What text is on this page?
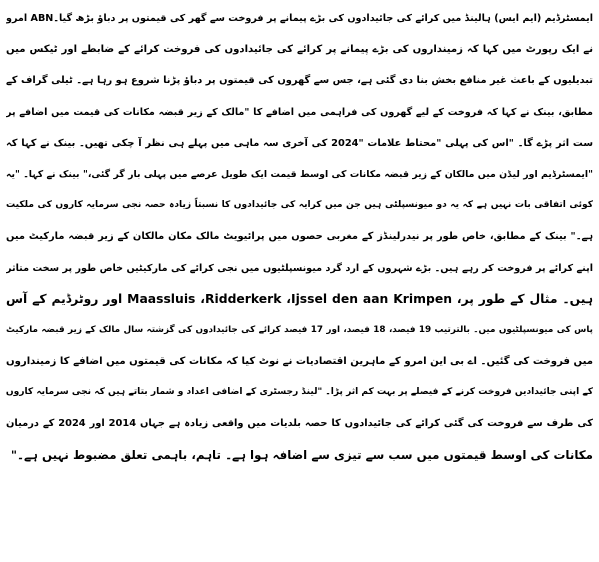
ایمسٹرڈیم (ایم ایس) ہالینڈ میں کرائے کی جائیدادوں کی بڑے پیمانے پر فروخت سے گھر کی قیمتوں پر دباؤ بڑھ گیا۔ABN امرو
نے ایک رپورٹ میں کہا کہ زمینداروں کی بڑے پیمانے پر کرائے کی جائیدادوں کی فروخت کرائے کے ضابطے اور ٹیکس میں
تبدیلیوں کے باعث غیر منافع بخش بنا دی گئی ہے، جس سے گھروں کی قیمتوں پر دباؤ پڑنا شروع ہو رہا ہے۔ ٹیلی گراف کے
مطابق، بینک نے کہا کہ فروخت کے لیے گھروں کی فراہمی میں اضافے کا "مالک کے زیر قبضہ مکانات کی قیمت میں اضافے پر
ست اثر پڑے گا۔ "اس کی پہلی "محتاط علامات "2024 کی آخری سہ ماہی میں پہلے ہی نظر آ چکی تھیں۔ بینک نے کہا کہ
"ایمسٹرڈیم اور لیڈن میں مالکان کے زیر قبضہ مکانات کی اوسط قیمت ایک طویل عرصے میں پہلی بار گر گئی،" بینک نے کہا۔ "یہ
کوئی اتفاقی بات نہیں ہے کہ یہ دو میونسپلٹی ہیں جن میں کرایہ کی جائیدادوں کا نسبتاً زیادہ حصہ نجی سرمایہ کاروں کی ملکیت
ہے۔" بینک کے مطابق، خاص طور پر نیدرلینڈز کے مغربی حصوں میں پرائیویٹ مالک مکان مالکان کے زیر قبضہ مارکیٹ میں
اپنے کرائے پر فروخت کر رہے ہیں۔ بڑے شہروں کے ارد گرد میونسپلٹیوں میں نجی کرائے کی مارکیٹیں خاص طور پر سخت متاثر
ہیں۔ مثال کے طور پر، Maassluis ،Ridderkerk ،Ijssel den aan Krimpen اور روٹرڈیم کے آس
پاس کی میونسپلٹیوں میں۔ بالترتیب 19 فیصد، 18 فیصد، اور 17 فیصد کرائے کی جائیدادوں کی گزشتہ سال مالک کے زیر قبضہ مارکیٹ
میں فروخت کی گئیں۔ اے بی این امرو کے ماہرین اقتصادیات نے نوٹ کیا کہ مکانات کی قیمتوں میں اضافے کا زمینداروں
کے اپنی جائیدادیں فروخت کرنے کے فیصلے پر بہت کم اثر پڑا۔ "لینڈ رجسٹری کے اضافی اعداد و شمار بتاتے ہیں کہ نجی سرمایہ کاروں
کی طرف سے فروخت کی گئی کرائے کی جائیدادوں کا حصہ بلدیات میں واقعی زیادہ ہے جہاں 2014 اور 2024 کے درمیان
مکانات کی اوسط قیمتوں میں سب سے تیزی سے اضافہ ہوا ہے۔ تاہم، باہمی تعلق مضبوط نہیں ہے۔"
